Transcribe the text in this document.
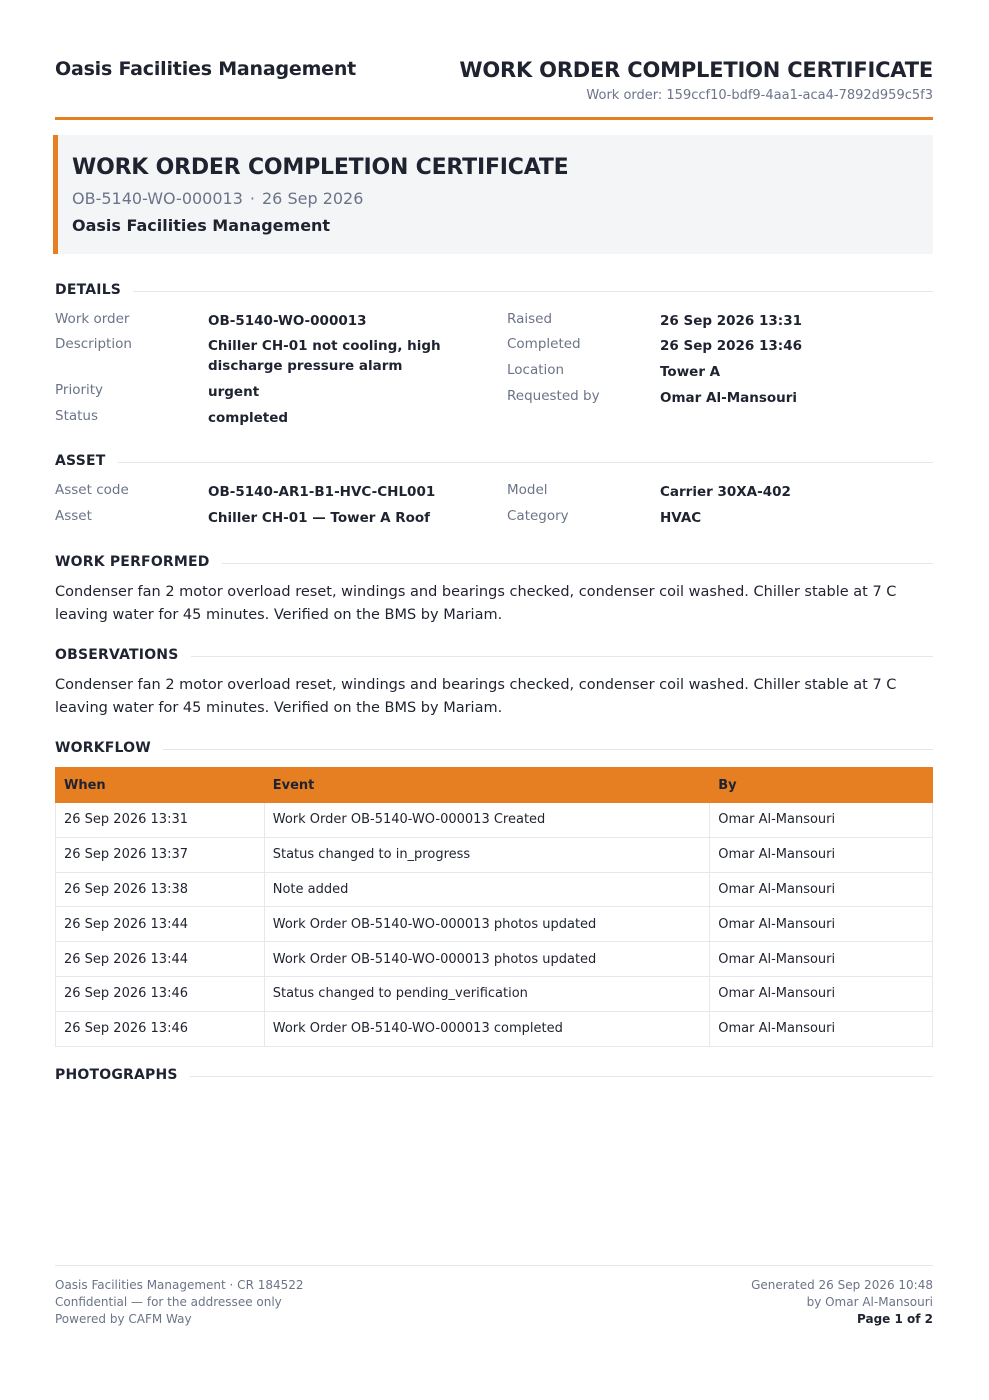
Oasis Facilities Management	WORK ORDER COMPLETION CERTIFICATE
Work order: 159ccf10-bdf9-4aa1-aca4-7892d959c5f3
WORK ORDER COMPLETION CERTIFICATE
OB-5140-WO-000013 · 26 Sep 2026
Oasis Facilities Management
DETAILS
Work order	OB-5140-WO-000013
Description	Chiller CH-01 not cooling, high discharge pressure alarm
Priority	urgent
Status	completed
Raised	26 Sep 2026 13:31
Completed	26 Sep 2026 13:46
Location	Tower A
Requested by	Omar Al-Mansouri
ASSET
Asset code	OB-5140-AR1-B1-HVC-CHL001
Asset	Chiller CH-01 — Tower A Roof
Model	Carrier 30XA-402
Category	HVAC
WORK PERFORMED
Condenser fan 2 motor overload reset, windings and bearings checked, condenser coil washed. Chiller stable at 7 C leaving water for 45 minutes. Verified on the BMS by Mariam.
OBSERVATIONS
Condenser fan 2 motor overload reset, windings and bearings checked, condenser coil washed. Chiller stable at 7 C leaving water for 45 minutes. Verified on the BMS by Mariam.
WORKFLOW
When	Event	By
26 Sep 2026 13:31	Work Order OB-5140-WO-000013 Created	Omar Al-Mansouri
26 Sep 2026 13:37	Status changed to in_progress	Omar Al-Mansouri
26 Sep 2026 13:38	Note added	Omar Al-Mansouri
26 Sep 2026 13:44	Work Order OB-5140-WO-000013 photos updated	Omar Al-Mansouri
26 Sep 2026 13:44	Work Order OB-5140-WO-000013 photos updated	Omar Al-Mansouri
26 Sep 2026 13:46	Status changed to pending_verification	Omar Al-Mansouri
26 Sep 2026 13:46	Work Order OB-5140-WO-000013 completed	Omar Al-Mansouri
PHOTOGRAPHS
Oasis Facilities Management · CR 184522
Confidential — for the addressee only
Powered by CAFM Way
Generated 26 Sep 2026 10:48
by Omar Al-Mansouri
Page 1 of 2
